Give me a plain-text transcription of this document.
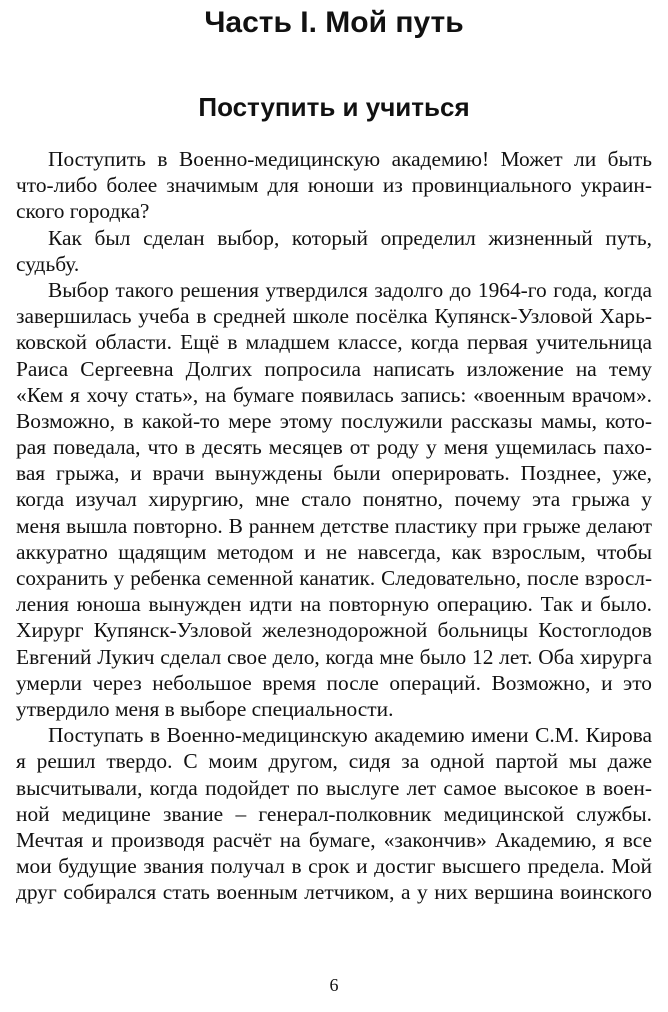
Часть I. Мой путь
Поступить и учиться
Поступить в Военно-медицинскую академию! Может ли быть
что-либо более значимым для юноши из провинциального украин-
ского городка?
Как был сделан выбор, который определил жизненный путь,
судьбу.
Выбор такого решения утвердился задолго до 1964-го года, когда
завершилась учеба в средней школе посёлка Купянск-Узловой Харь-
ковской области. Ещё в младшем классе, когда первая учительница
Раиса Сергеевна Долгих попросила написать изложение на тему
«Кем я хочу стать», на бумаге появилась запись: «военным врачом».
Возможно, в какой-то мере этому послужили рассказы мамы, кото-
рая поведала, что в десять месяцев от роду у меня ущемилась пахо-
вая грыжа, и врачи вынуждены были оперировать. Позднее, уже,
когда изучал хирургию, мне стало понятно, почему эта грыжа у
меня вышла повторно. В раннем детстве пластику при грыже делают
аккуратно щадящим методом и не навсегда, как взрослым, чтобы
сохранить у ребенка семенной канатик. Следовательно, после взросл-
ления юноша вынужден идти на повторную операцию. Так и было.
Хирург Купянск-Узловой железнодорожной больницы Костоглодов
Евгений Лукич сделал свое дело, когда мне было 12 лет. Оба хирурга
умерли через небольшое время после операций. Возможно, и это
утвердило меня в выборе специальности.
Поступать в Военно-медицинскую академию имени С.М. Кирова
я решил твердо. С моим другом, сидя за одной партой мы даже
высчитывали, когда подойдет по выслуге лет самое высокое в воен-
ной медицине звание – генерал-полковник медицинской службы.
Мечтая и производя расчёт на бумаге, «закончив» Академию, я все
мои будущие звания получал в срок и достиг высшего предела. Мой
друг собирался стать военным летчиком, а у них вершина воинского
6
